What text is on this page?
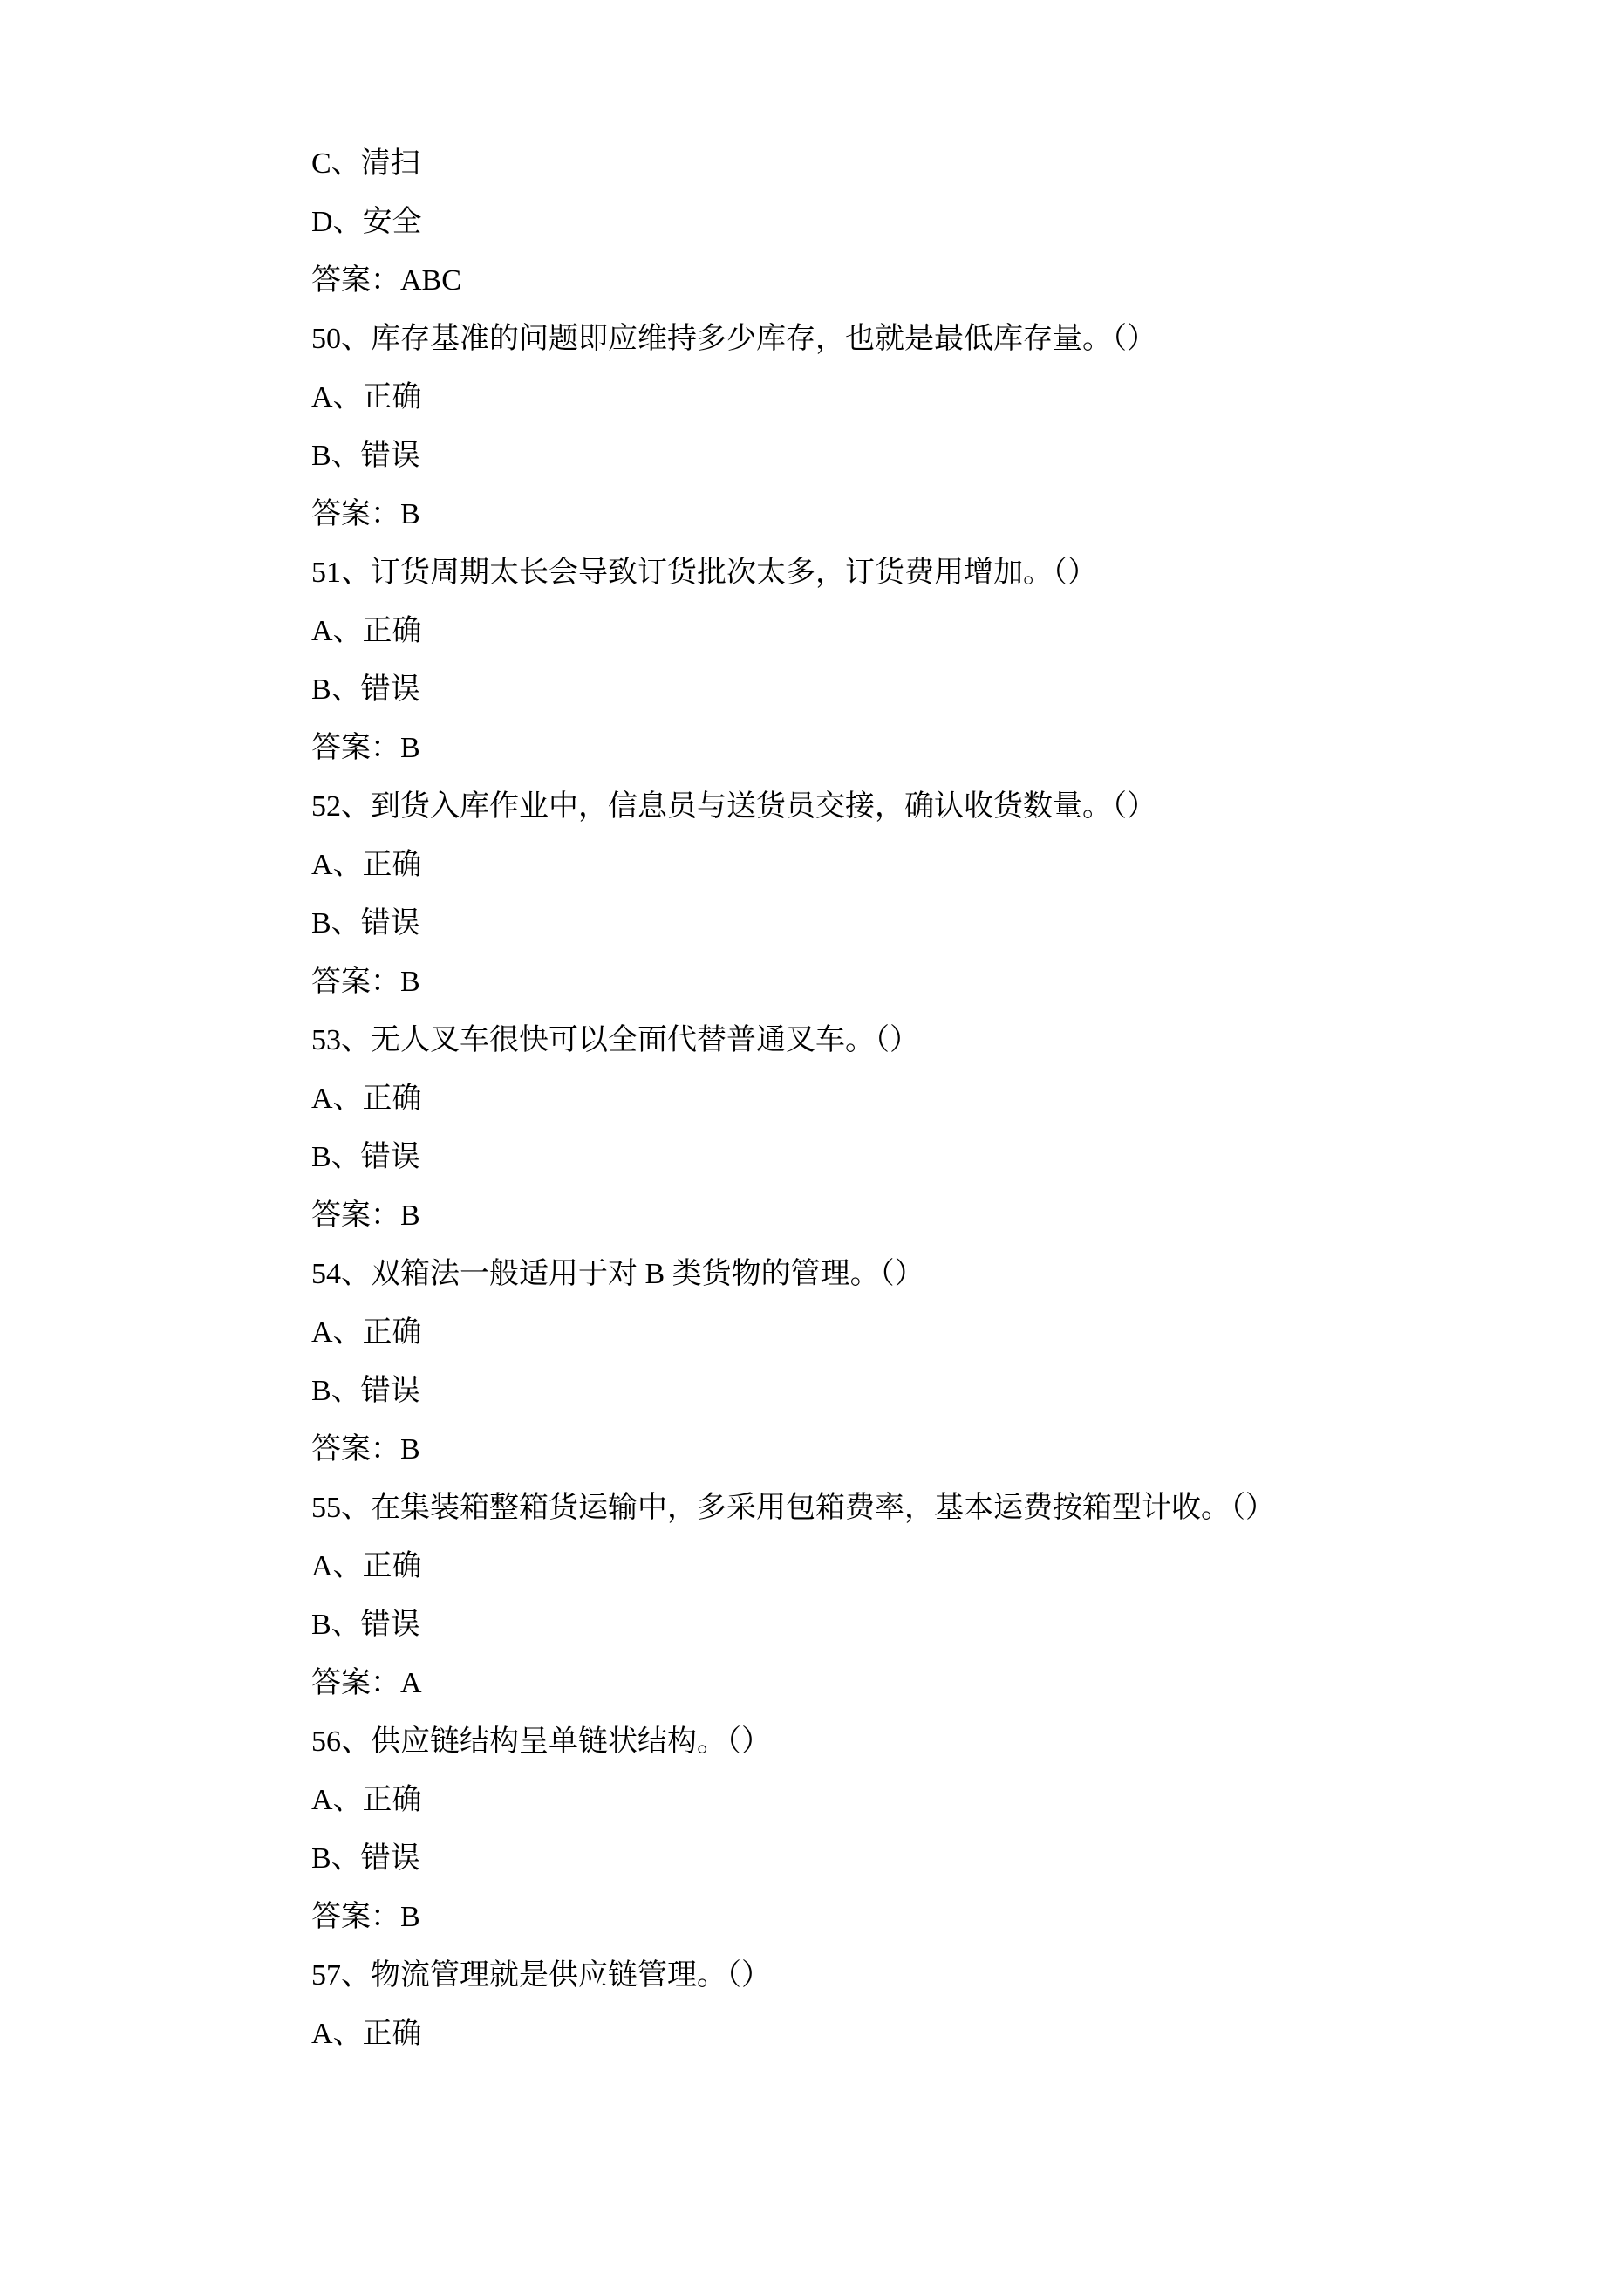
C、清扫

D、安全

答案：ABC

50、库存基准的问题即应维持多少库存，也就是最低库存量。（）

A、正确

B、错误

答案：B

51、订货周期太长会导致订货批次太多，订货费用增加。（）

A、正确

B、错误

答案：B

52、到货入库作业中，信息员与送货员交接，确认收货数量。（）

A、正确

B、错误

答案：B

53、无人叉车很快可以全面代替普通叉车。（）

A、正确

B、错误

答案：B

54、双箱法一般适用于对 B 类货物的管理。（）

A、正确

B、错误

答案：B

55、在集装箱整箱货运输中，多采用包箱费率，基本运费按箱型计收。（）

A、正确

B、错误

答案：A

56、供应链结构呈单链状结构。（）

A、正确

B、错误

答案：B

57、物流管理就是供应链管理。（）

A、正确
